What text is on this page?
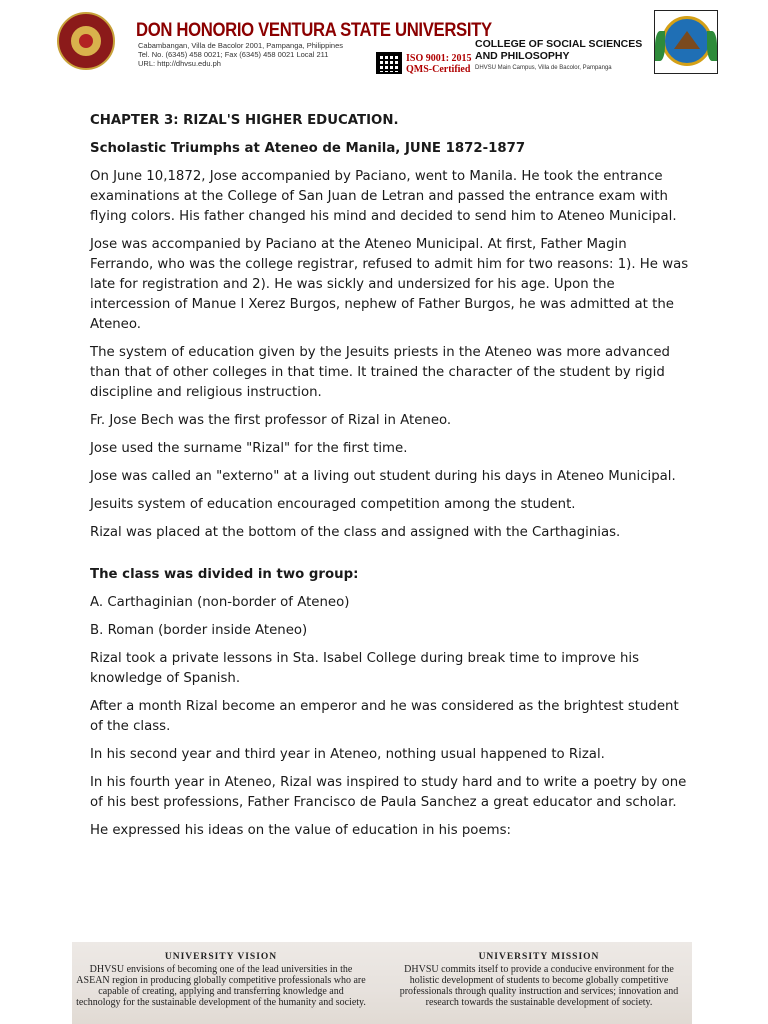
DON HONORIO VENTURA STATE UNIVERSITY
Cabambangan, Villa de Bacolor 2001, Pampanga, Philippines
Tel. No. (6345) 458 0021; Fax (6345) 458 0021 Local 211
URL: http://dhvsu.edu.ph	ISO 9001: 2015
QMS-Certified
COLLEGE OF SOCIAL SCIENCES
AND PHILOSOPHY
DHVSU Main Campus, Villa de Bacolor, Pampanga

CHAPTER 3: RIZAL'S HIGHER EDUCATION.

Scholastic Triumphs at Ateneo de Manila, JUNE 1872-1877

On June 10,1872, Jose accompanied by Paciano, went to Manila. He took the entrance examinations at the College of San Juan de Letran and passed the entrance exam with flying colors. His father changed his mind and decided to send him to Ateneo Municipal.

Jose was accompanied by Paciano at the Ateneo Municipal. At first, Father Magin Ferrando, who was the college registrar, refused to admit him for two reasons: 1). He was late for registration and 2). He was sickly and undersized for his age. Upon the intercession of Manue l Xerez Burgos, nephew of Father Burgos, he was admitted at the Ateneo.

The system of education given by the Jesuits priests in the Ateneo was more advanced than that of other colleges in that time. It trained the character of the student by rigid discipline and religious instruction.

Fr. Jose Bech was the first professor of Rizal in Ateneo.

Jose used the surname "Rizal" for the first time.

Jose was called an "externo" at a living out student during his days in Ateneo Municipal.

Jesuits system of education encouraged competition among the student.

Rizal was placed at the bottom of the class and assigned with the Carthaginias.

The class was divided in two group:

A. Carthaginian (non-border of Ateneo)

B. Roman (border inside Ateneo)

Rizal took a private lessons in Sta. Isabel College during break time to improve his knowledge of Spanish.

After a month Rizal become an emperor and he was considered as the brightest student of the class.

In his second year and third year in Ateneo, nothing usual happened to Rizal.

In his fourth year in Ateneo, Rizal was inspired to study hard and to write a poetry by one of his best professions, Father Francisco de Paula Sanchez a great educator and scholar.

He expressed his ideas on the value of education in his poems:

UNIVERSITY VISION
DHVSU envisions of becoming one of the lead universities in the ASEAN region in producing globally competitive professionals who are capable of creating, applying and transferring knowledge and technology for the sustainable development of the humanity and society.
UNIVERSITY MISSION
DHVSU commits itself to provide a conducive environment for the holistic development of students to become globally competitive professionals through quality instruction and services; innovation and research towards the sustainable development of society.
